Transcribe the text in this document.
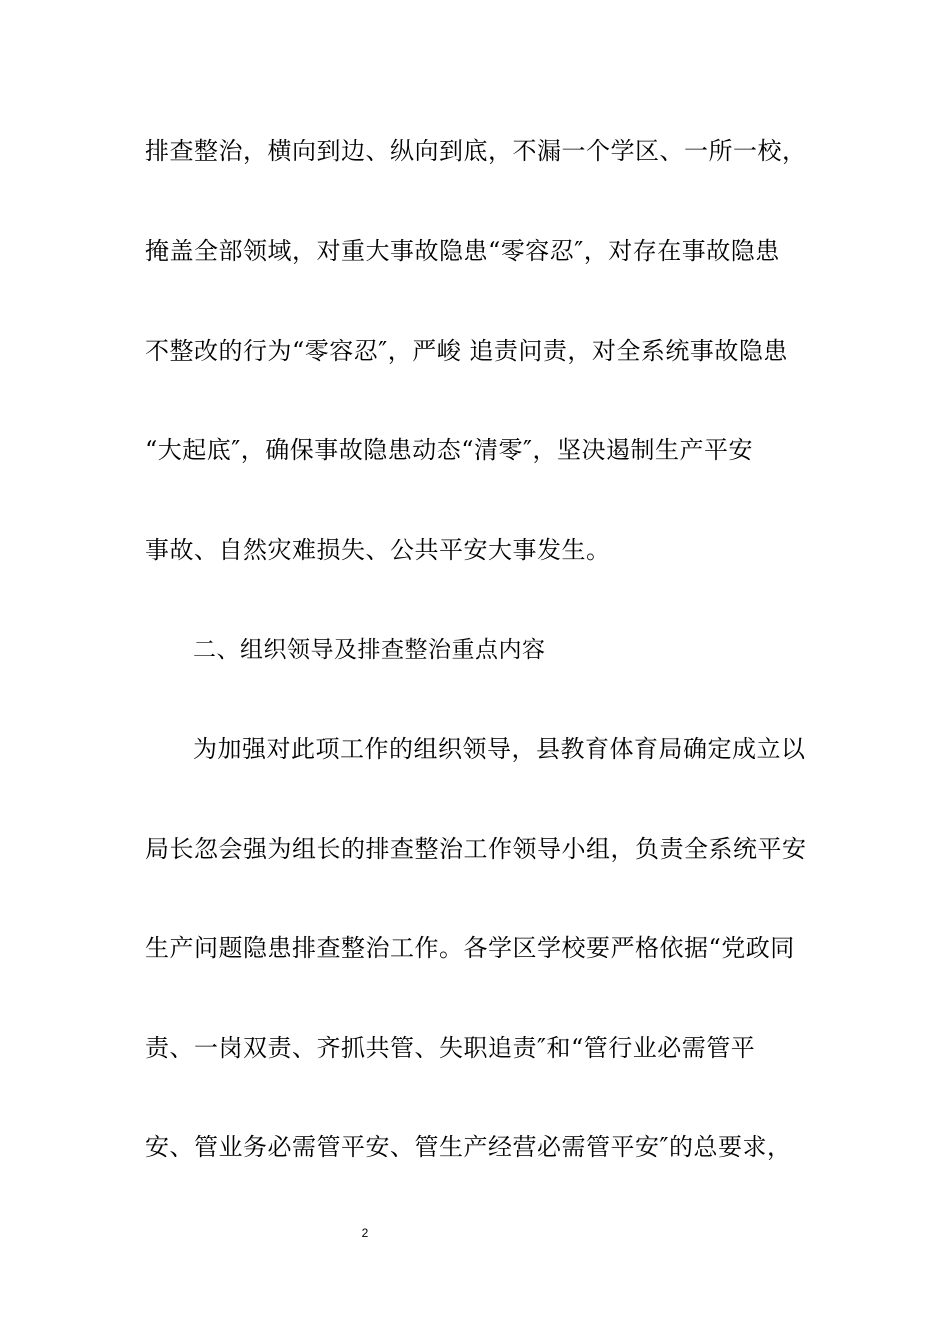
排查整治，横向到边、纵向到底，不漏一个学区、一所一校，
掩盖全部领域，对重大事故隐患“零容忍″，对存在事故隐患
不整改的行为“零容忍″，严峻 追责问责，对全系统事故隐患
“大起底″，确保事故隐患动态“清零″，坚决遏制生产平安
事故、自然灾难损失、公共平安大事发生。
二、组织领导及排查整治重点内容
为加强对此项工作的组织领导，县教育体育局确定成立以
局长忽会强为组长的排查整治工作领导小组，负责全系统平安
生产问题隐患排查整治工作。各学区学校要严格依据“党政同
责、一岗双责、齐抓共管、失职追责″和“管行业必需管平
安、管业务必需管平安、管生产经营必需管平安″的总要求，
2
